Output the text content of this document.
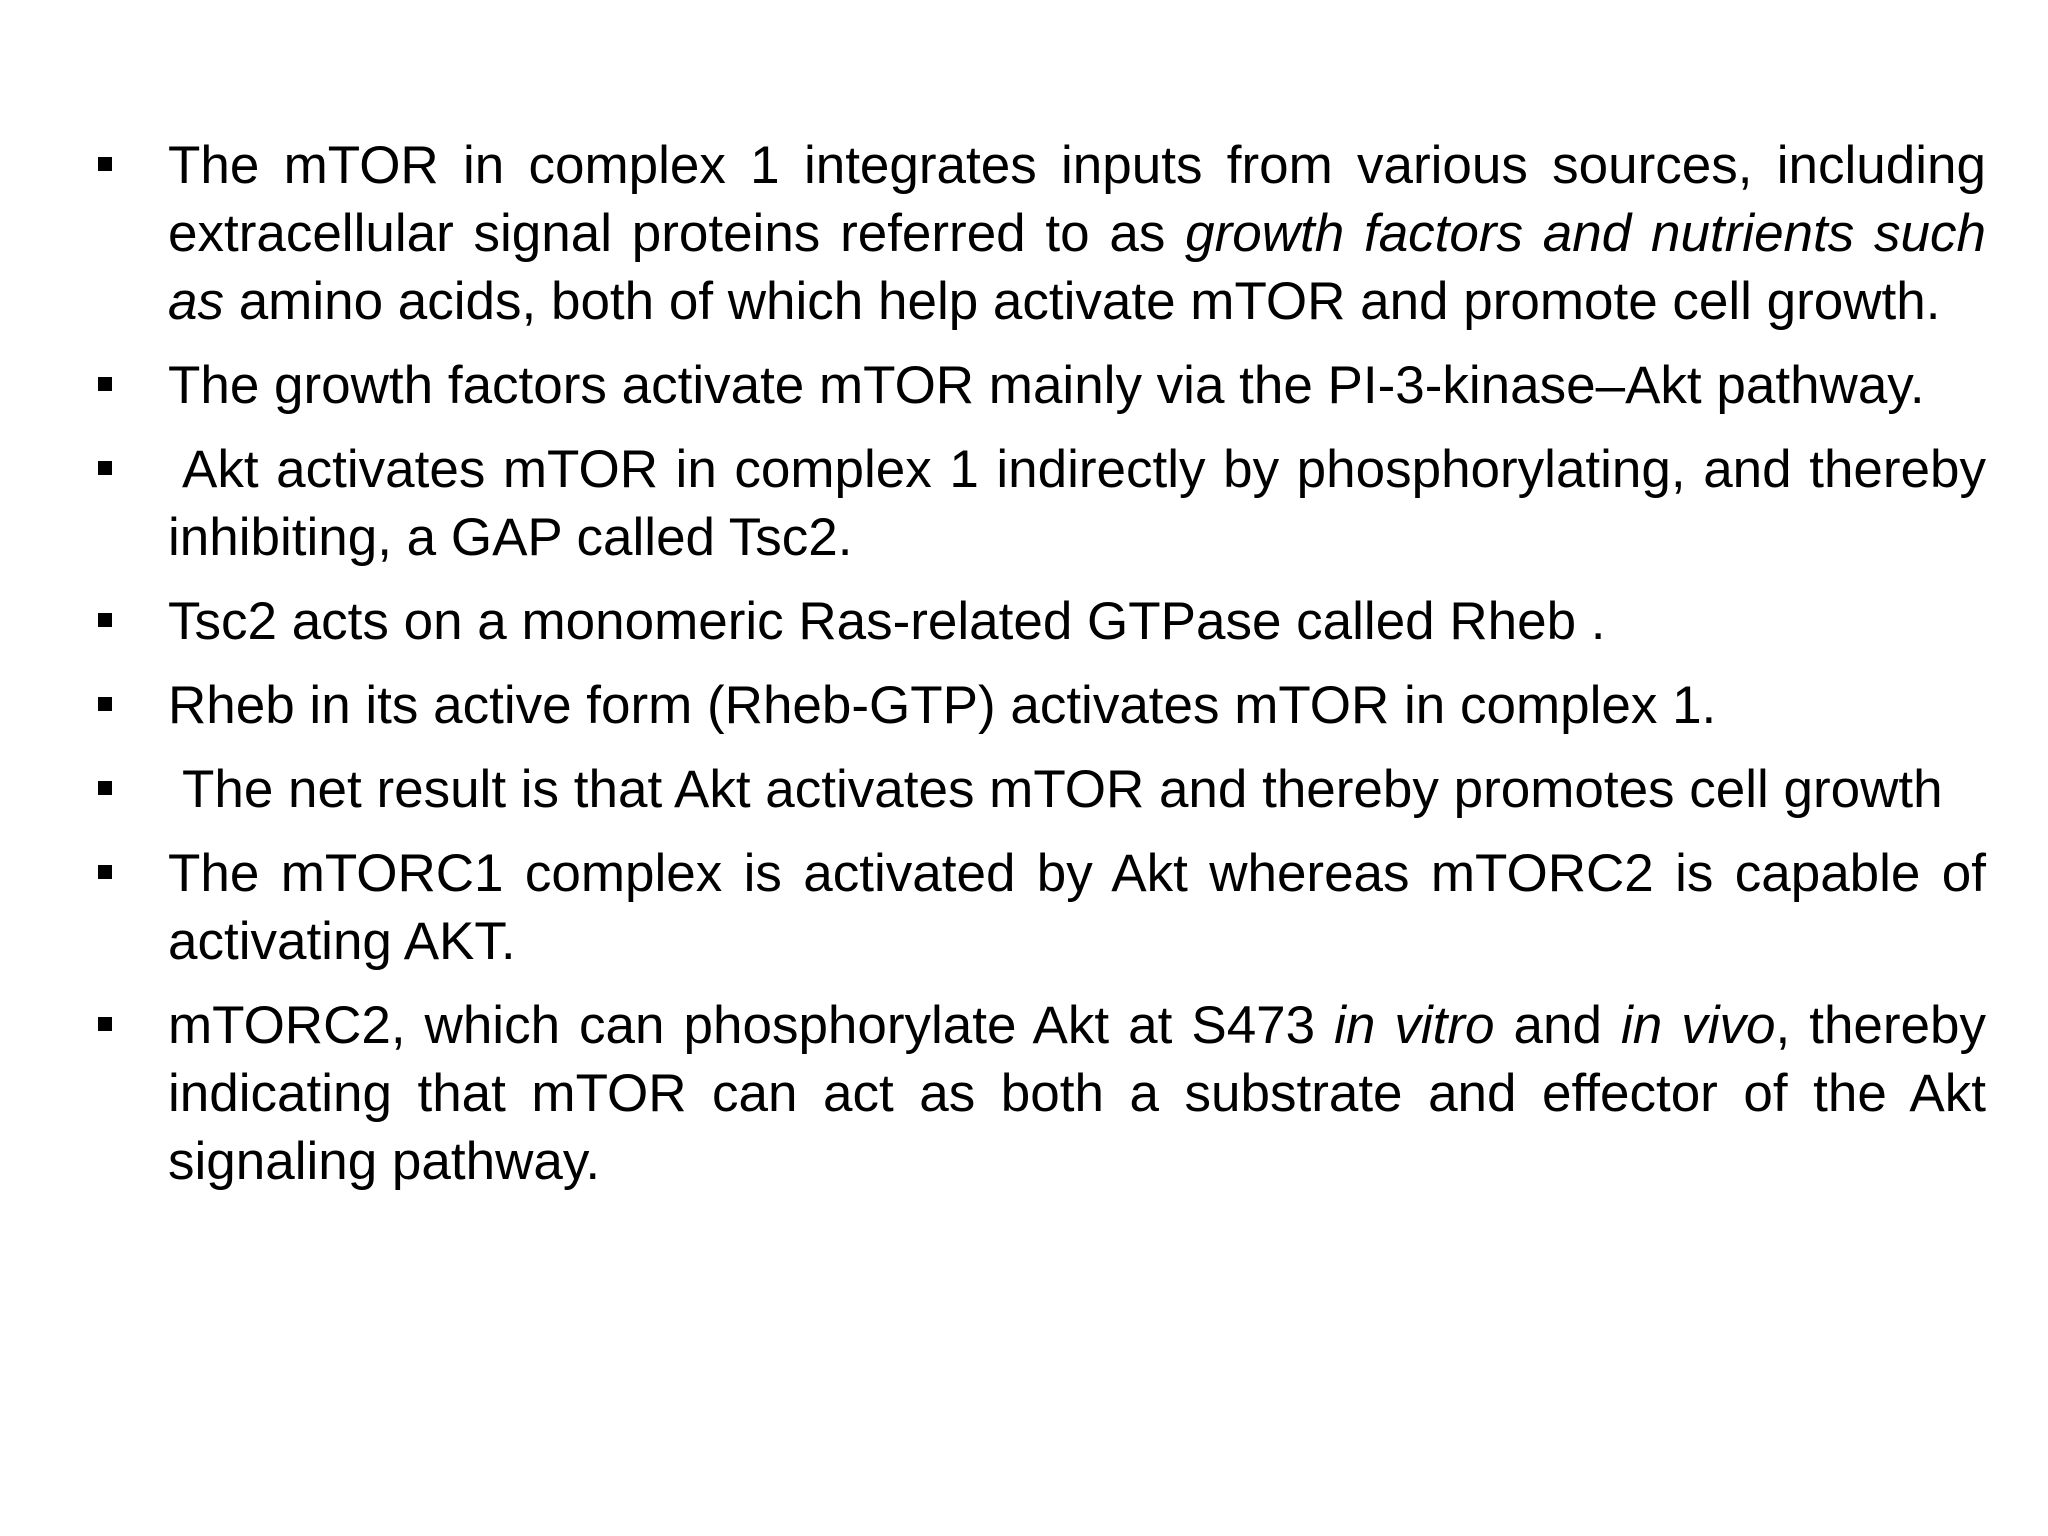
The mTOR in complex 1 integrates inputs from various sources, including extracellular signal proteins referred to as growth factors and nutrients such as amino acids, both of which help activate mTOR and promote cell growth.
The growth factors activate mTOR mainly via the PI-3-kinase–Akt pathway.
Akt activates mTOR in complex 1 indirectly by phosphorylating, and thereby inhibiting, a GAP called Tsc2.
Tsc2 acts on a monomeric Ras-related GTPase called Rheb .
Rheb in its active form (Rheb-GTP) activates mTOR in complex 1.
The net result is that Akt activates mTOR and thereby promotes cell growth
The mTORC1 complex is activated by Akt whereas mTORC2 is capable of activating AKT.
mTORC2, which can phosphorylate Akt at S473 in vitro and in vivo, thereby indicating that mTOR can act as both a substrate and effector of the Akt signaling pathway.
